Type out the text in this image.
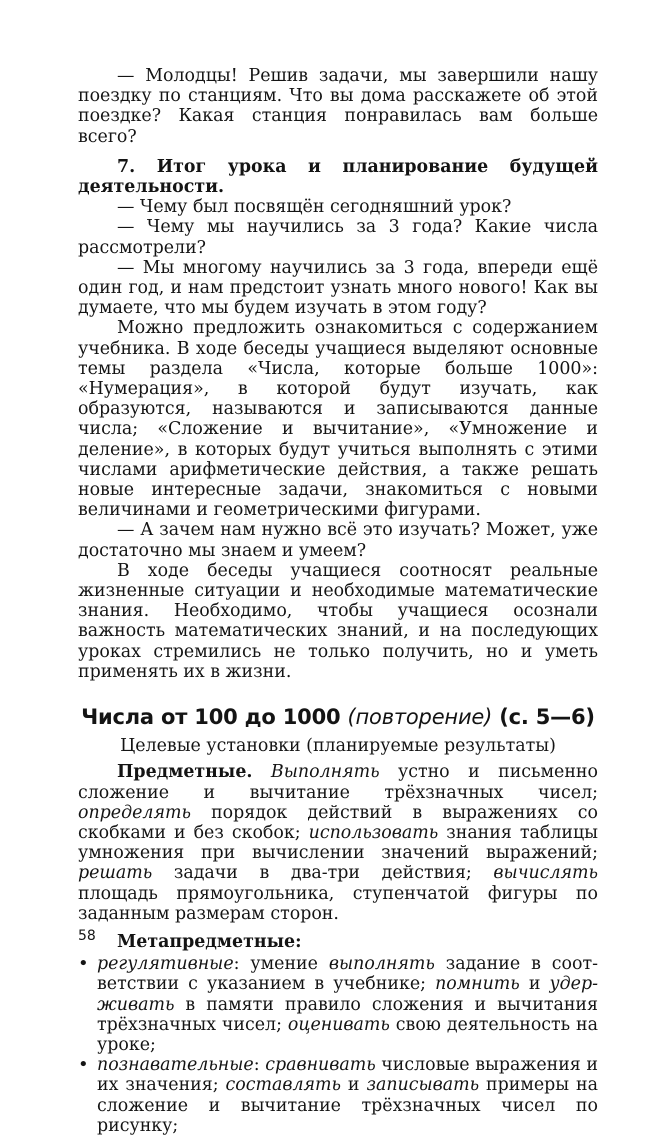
— Молодцы! Решив задачи, мы завершили нашу поездку по станциям. Что вы дома расскажете об этой поездке? Какая станция понравилась вам больше всего?

7. Итог урока и планирование будущей деятельности.

— Чему был посвящён сегодняшний урок?

— Чему мы научились за 3 года? Какие числа рассмотрели?

— Мы многому научились за 3 года, впереди ещё один год, и нам предстоит узнать много нового! Как вы думаете, что мы будем изучать в этом году?

Можно предложить ознакомиться с содержанием учебника. В ходе беседы учащиеся выделяют основные темы раздела «Числа, которые больше 1000»: «Нумерация», в которой будут изучать, как образуются, называются и записываются данные числа; «Сложение и вычитание», «Умножение и деление», в которых будут учиться выполнять с этими числами арифметические действия, а также решать новые интересные задачи, знакомиться с новыми величинами и геометрическими фигурами.

— А зачем нам нужно всё это изучать? Может, уже достаточно мы знаем и умеем?

В ходе беседы учащиеся соотносят реальные жизненные ситуации и необходимые математические знания. Необходимо, чтобы учащиеся осознали важность математических знаний, и на последующих уроках стремились не только получить, но и уметь применять их в жизни.

Числа от 100 до 1000 (повторение) (с. 5—6)

Целевые установки (планируемые результаты)

Предметные. Выполнять устно и письменно сложение и вычитание трёхзначных чисел; определять порядок действий в выражениях со скобками и без скобок; использовать знания таблицы умножения при вычислении значений выражений; решать задачи в два-три действия; вычислять площадь прямоугольника, ступенчатой фигуры по заданным размерам сторон.

Метапредметные:

• регулятивные: умение выполнять задание в соответствии с указанием в учебнике; помнить и удерживать в памяти правило сложения и вычитания трёхзначных чисел; оценивать свою деятельность на уроке;
• познавательные: сравнивать числовые выражения и их значения; составлять и записывать примеры на сложение и вычитание трёхзначных чисел по рисунку;
58
